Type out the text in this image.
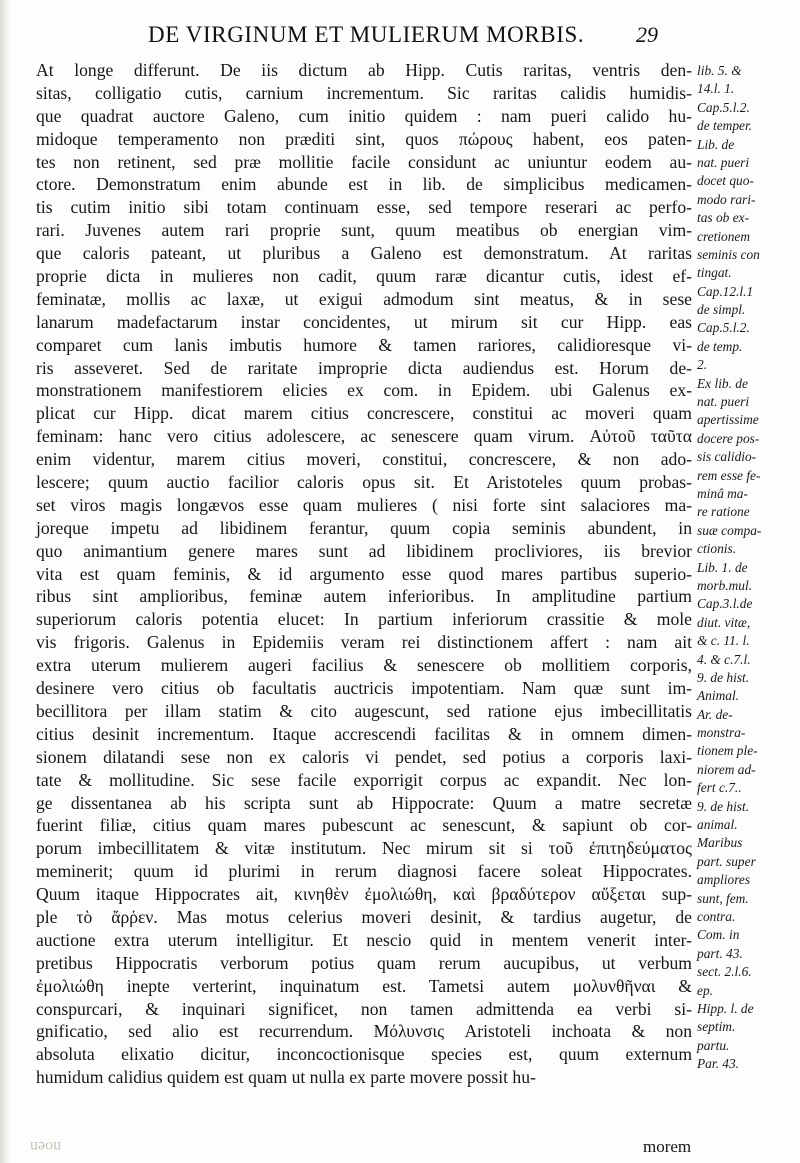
DE VIRGINUM ET MULIERUM MORBIS. 29
At longe differunt. De iis dictum ab Hipp. Cutis raritas, ventris den-
sitas, colligatio cutis, carnium incrementum. Sic raritas calidis humidis-
que quadrat auctore Galeno, cum initio quidem : nam pueri calido hu-
midoque temperamento non præditi sint, quos πώρους habent, eos paten-
tes non retinent, sed præ mollitie facile considunt ac uniuntur eodem au-
ctore. Demonstratum enim abunde est in lib. de simplicibus medicamen-
tis cutim initio sibi totam continuam esse, sed tempore reserari ac perfo-
rari. Juvenes autem rari proprie sunt, quum meatibus ob energian vim-
que caloris pateant, ut pluribus a Galeno est demonstratum. At raritas
proprie dicta in mulieres non cadit, quum raræ dicantur cutis, idest ef-
feminatæ, mollis ac laxæ, ut exigui admodum sint meatus, & in sese
lanarum madefactarum instar concidentes, ut mirum sit cur Hipp. eas
comparet cum lanis imbutis humore & tamen rariores, calidioresque vi-
ris asseveret. Sed de raritate improprie dicta audiendus est. Horum de-
monstrationem manifestiorem elicies ex com. in Epidem. ubi Galenus ex-
plicat cur Hipp. dicat marem citius concrescere, constitui ac moveri quam
feminam: hanc vero citius adolescere, ac senescere quam virum. Αὐτοῦ ταῦτα
enim videntur, marem citius moveri, constitui, concrescere, & non ado-
lescere; quum auctio facilior caloris opus sit. Et Aristoteles quum probas-
set viros magis longævos esse quam mulieres ( nisi forte sint salaciores ma-
joreque impetu ad libidinem ferantur, quum copia seminis abundent, in
quo animantium genere mares sunt ad libidinem procliviores, iis brevior
vita est quam feminis, & id argumento esse quod mares partibus superio-
ribus sint amplioribus, feminæ autem inferioribus. In amplitudine partium
superiorum caloris potentia elucet: In partium inferiorum crassitie & mole
vis frigoris. Galenus in Epidemiis veram rei distinctionem affert : nam ait
extra uterum mulierem augeri facilius & senescere ob mollitiem corporis,
desinere vero citius ob facultatis auctricis impotentiam. Nam quæ sunt im-
becillitora per illam statim & cito augescunt, sed ratione ejus imbecillitatis
citius desinit incrementum. Itaque accrescendi facilitas & in omnem dimen-
sionem dilatandi sese non ex caloris vi pendet, sed potius a corporis laxi-
tate & mollitudine. Sic sese facile exporrigit corpus ac expandit. Nec lon-
ge dissentanea ab his scripta sunt ab Hippocrate: Quum a matre secretæ
fuerint filiæ, citius quam mares pubescunt ac senescunt, & sapiunt ob cor-
porum imbecillitatem & vitæ institutum. Nec mirum sit si τοῦ ἐπιτηδεύματος
meminerit; quum id plurimi in rerum diagnosi facere soleat Hippocrates.
Quum itaque Hippocrates ait, κινηθὲν ἐμολιώθη, καὶ βραδύτερον αὔξεται sup-
ple τὸ ἄρῥεν. Mas motus celerius moveri desinit, & tardius augetur, de
auctione extra uterum intelligitur. Et nescio quid in mentem venerit inter-
pretibus Hippocratis verborum potius quam rerum aucupibus, ut verbum
ἐμολιώθη inepte verterint, inquinatum est. Tametsi autem μολυνθῆναι &
conspurcari, & inquinari significet, non tamen admittenda ea verbi si-
gnificatio, sed alio est recurrendum. Μόλυνσις Aristoteli inchoata & non
absoluta elixatio dicitur, inconcoctionisque species est, quum externum
humidum calidius quidem est quam ut nulla ex parte movere possit hu-
lib. 5. &
14.l. 1.
Cap.5.l.2.
de temper.
Lib. de
nat. pueri
docet quo-
modo rari-
tas ob ex-
cretionem
seminis con
tingat.
Cap.12.l.1
de simpl.
Cap.5.l.2.
de temp.
2.
Ex lib. de
nat. pueri
apertissime
docere pos-
sis calidio-
rem esse fe-
minâ ma-
re ratione
suæ compa-
ctionis.
Lib. 1. de
morb.mul.
Cap.3.l.de
diut. vitæ,
& c. 11. l.
4. & c.7.l.
9. de hist.
Animal.
Ar. de-
monstra-
tionem ple-
niorem ad-
fert c.7..
9. de hist.
animal.
Maribus
part. super
ampliores
sunt, fem.
contra.
Com. in
part. 43.
sect. 2.l.6.
ep.
Hipp. l. de
septim.
partu.
Par. 43.
morem
noen
